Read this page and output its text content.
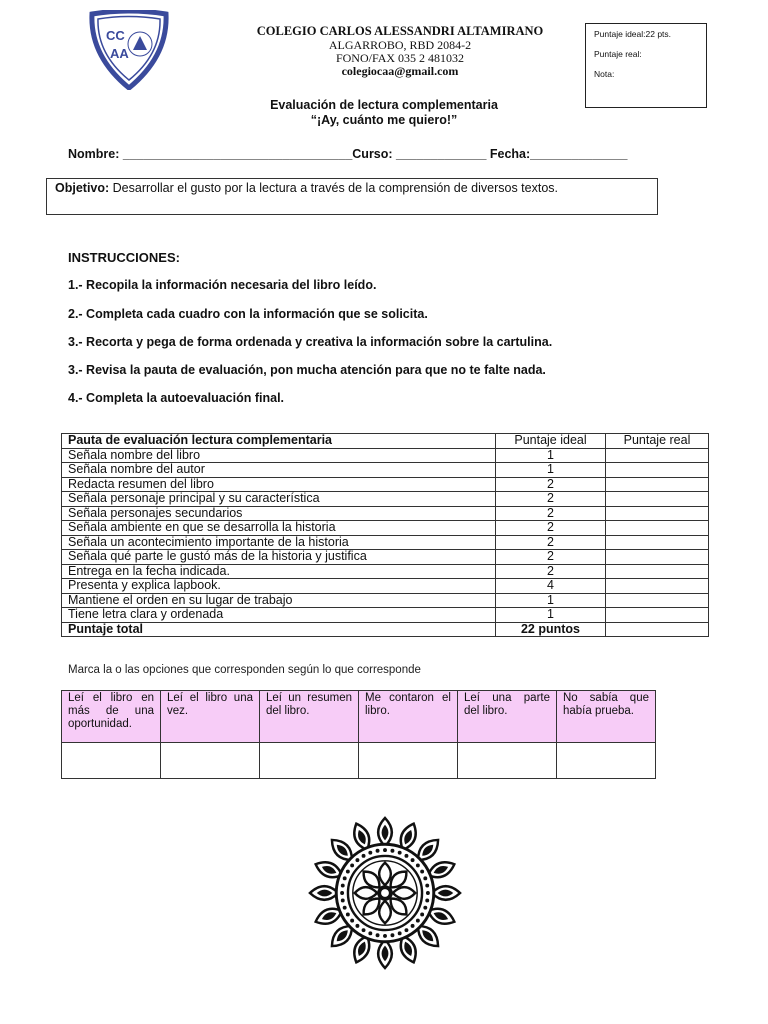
CC AA
COLEGIO CARLOS ALESSANDRI ALTAMIRANO
ALGARROBO, RBD 2084-2
FONO/FAX 035 2 481032
colegiocaa@gmail.com
Puntaje ideal:22 pts.
Puntaje real:
Nota:
Evaluación de lectura complementaria
“¡Ay, cuánto me quiero!”
Nombre: _________________________________Curso: _____________ Fecha:______________
Objetivo: Desarrollar el gusto por la lectura a través de la comprensión de diversos textos.
INSTRUCCIONES:
1.- Recopila la información necesaria del libro leído.
2.- Completa cada cuadro con la información que se solicita.
3.- Recorta y pega de forma ordenada y creativa la información sobre la cartulina.
3.- Revisa la pauta de evaluación, pon mucha atención para que no te falte nada.
4.- Completa la autoevaluación final.
Pauta de evaluación lectura complementaria	Puntaje ideal	Puntaje real
Señala nombre del libro	1	
Señala nombre del autor	1	
Redacta resumen del libro	2	
Señala personaje principal y su característica	2	
Señala personajes secundarios	2	
Señala ambiente en que se desarrolla la historia	2	
Señala un acontecimiento importante de la historia	2	
Señala qué parte le gustó más de la historia y justifica	2	
Entrega en la fecha indicada.	2	
Presenta y explica lapbook.	4	
Mantiene el orden en su lugar de trabajo	1	
Tiene letra clara y ordenada	1	
Puntaje total	22 puntos	
Marca la o las opciones que corresponden según lo que corresponde
Leí el libro en más de una oportunidad.	Leí el libro una vez.	Leí un resumen del libro.	Me contaron el libro.	Leí una parte del libro.	No sabía que había prueba.
